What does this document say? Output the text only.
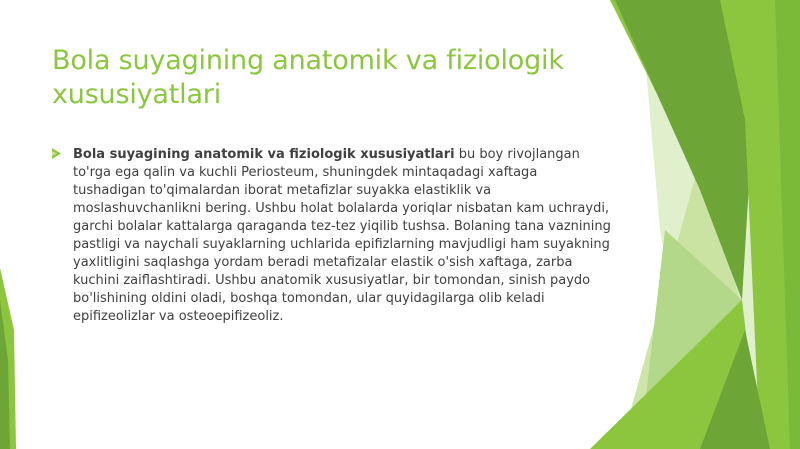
Bola suyagining anatomik va fiziologik xususiyatlari

Bola suyagining anatomik va fiziologik xususiyatlari bu boy rivojlangan to'rga ega qalin va kuchli Periosteum, shuningdek mintaqadagi xaftaga tushadigan to'qimalardan iborat metafizlar suyakka elastiklik va moslashuvchanlikni bering. Ushbu holat bolalarda yoriqlar nisbatan kam uchraydi, garchi bolalar kattalarga qaraganda tez-tez yiqilib tushsa. Bolaning tana vaznining pastligi va naychali suyaklarning uchlarida epifizlarning mavjudligi ham suyakning yaxlitligini saqlashga yordam beradi metafizalar elastik o'sish xaftaga, zarba kuchini zaiflashtiradi. Ushbu anatomik xususiyatlar, bir tomondan, sinish paydo bo'lishining oldini oladi, boshqa tomondan, ular quyidagilarga olib keladi epifizeolizlar va osteoepifizeoliz.
